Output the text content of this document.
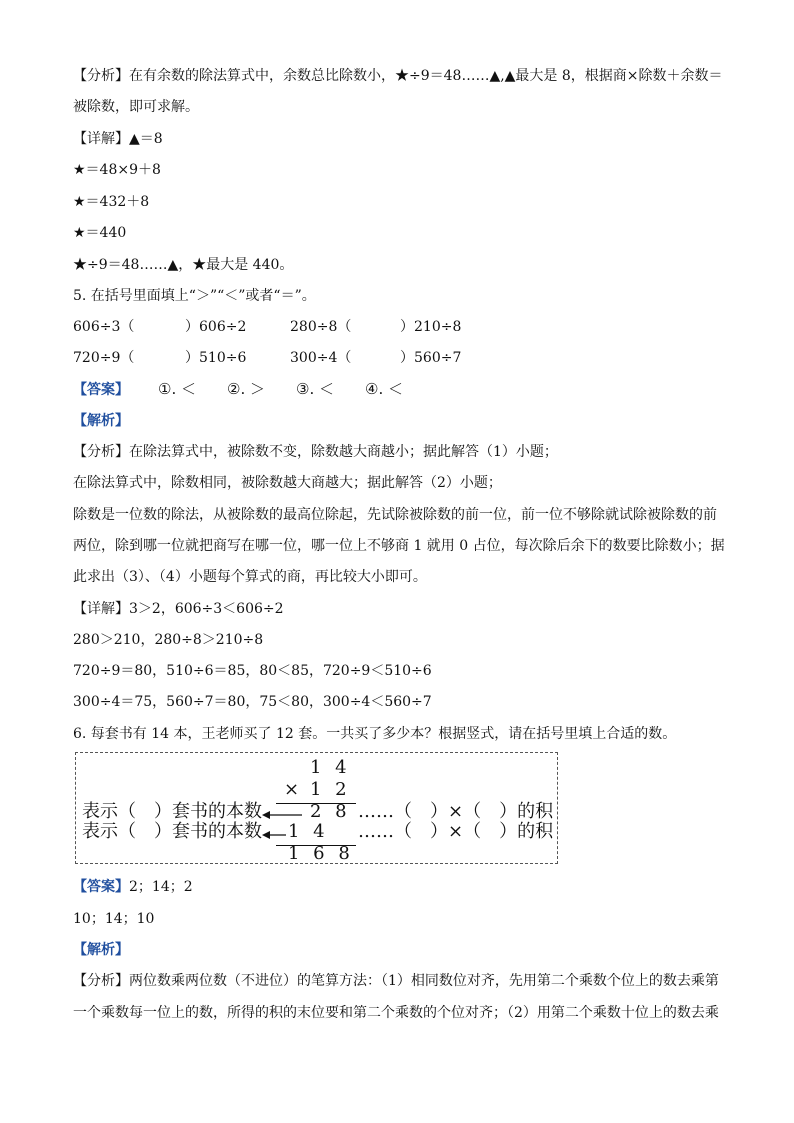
【分析】在有余数的除法算式中，余数总比除数小，★÷9＝48……▲,▲最大是 8，根据商×除数＋余数＝
被除数，即可求解。
【详解】▲＝8
★＝48×9＋8
★＝432＋8
★＝440
★÷9＝48……▲，★最大是 440。
5. 在括号里面填上“＞”“＜”或者“＝”。
606÷3（	）606÷2	280÷8（	）210÷8
720÷9（	）510÷6	300÷4（	）560÷7
【答案】 ①. ＜ ②. ＞ ③. ＜ ④. ＜
【解析】
【分析】在除法算式中，被除数不变，除数越大商越小；据此解答（1）小题；
在除法算式中，除数相同，被除数越大商越大；据此解答（2）小题；
除数是一位数的除法，从被除数的最高位除起，先试除被除数的前一位，前一位不够除就试除被除数的前
两位，除到哪一位就把商写在哪一位，哪一位上不够商 1 就用 0 占位，每次除后余下的数要比除数小；据
此求出（3）、（4）小题每个算式的商，再比较大小即可。
【详解】3＞2，606÷3＜606÷2
280＞210，280÷8＞210÷8
720÷9＝80，510÷6＝85，80＜85，720÷9＜510÷6
300÷4＝75，560÷7＝80，75＜80，300÷4＜560÷7
6. 每套书有 14 本，王老师买了 12 套。一共买了多少本？根据竖式，请在括号里填上合适的数。
1 4
× 1 2
表示（　）套书的本数	2 8 ……（　）×（　）的积
表示（　）套书的本数 1 4 ……（　）×（　）的积
1 6 8
【答案】2；14；2
10；14；10
【解析】
【分析】两位数乘两位数（不进位）的笔算方法：（1）相同数位对齐，先用第二个乘数个位上的数去乘第
一个乘数每一位上的数，所得的积的末位要和第二个乘数的个位对齐；（2）用第二个乘数十位上的数去乘
